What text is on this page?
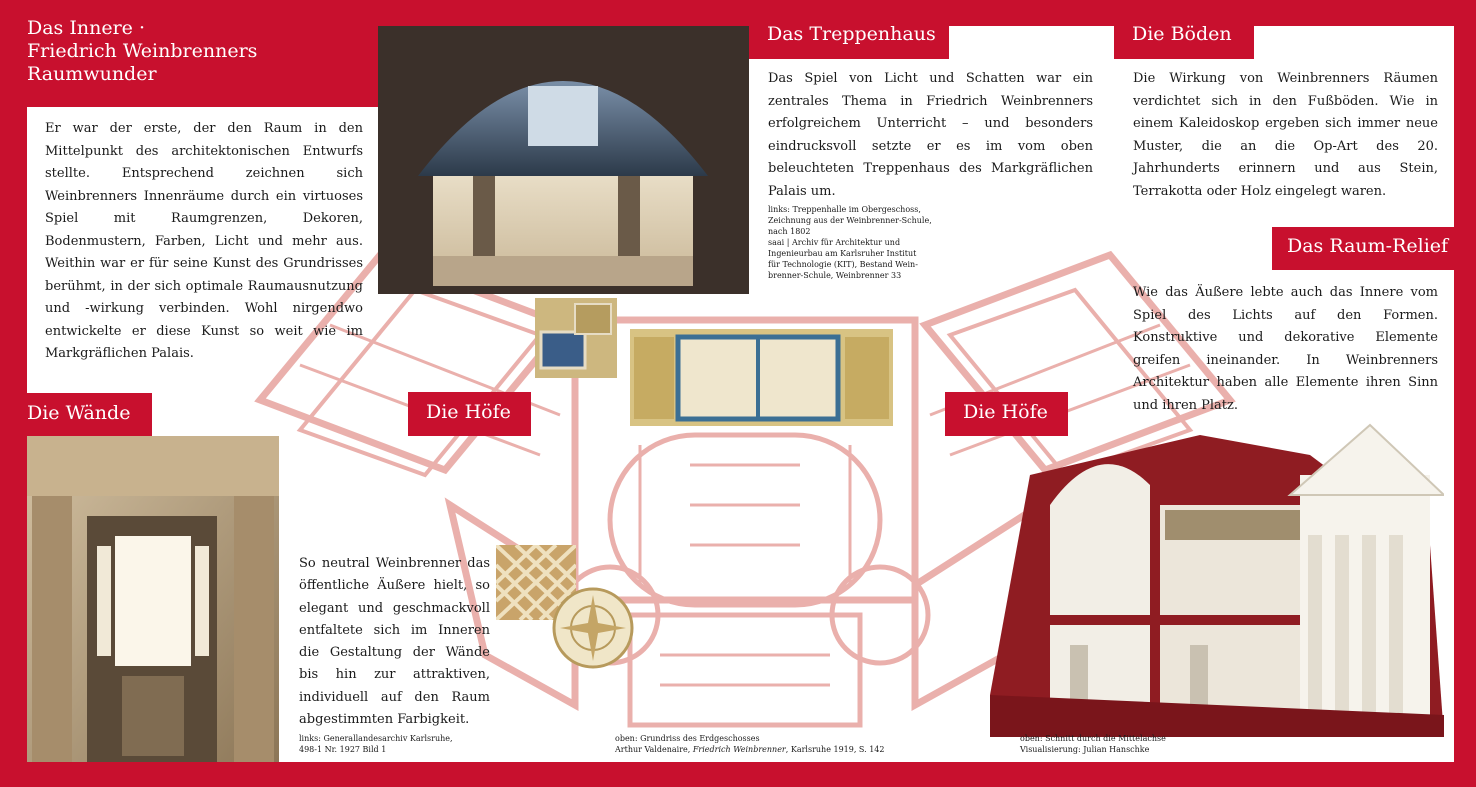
Das Innere ·
Friedrich Weinbrenners
Raumwunder
Er war der erste, der den Raum in den Mittelpunkt des architektonischen Entwurfs stellte. Entsprechend zeichnen sich Weinbrenners Innenräume durch ein virtuoses Spiel mit Raumgrenzen, Dekoren, Bodenmustern, Farben, Licht und mehr aus. Weithin war er für seine Kunst des Grundrisses berühmt, in der sich optimale Raumausnutzung und -wirkung verbinden. Wohl nirgendwo entwickelte er diese Kunst so weit wie im Markgräflichen Palais.
Das Treppenhaus
Das Spiel von Licht und Schatten war ein zentrales Thema in Friedrich Weinbrenners erfolgreichem Unterricht – und besonders eindrucksvoll setzte er es im vom oben beleuchteten Treppenhaus des Markgräflichen Palais um.
links: Treppenhalle im Obergeschoss,
Zeichnung aus der Weinbrenner-Schule,
nach 1802
saai | Archiv für Architektur und
Ingenieurbau am Karlsruher Institut
für Technologie (KIT), Bestand Wein-
brenner-Schule, Weinbrenner 33
Die Böden
Die Wirkung von Weinbrenners Räumen verdichtet sich in den Fußböden. Wie in einem Kaleidoskop ergeben sich immer neue Muster, die an die Op-Art des 20. Jahrhunderts erinnern und aus Stein, Terrakotta oder Holz eingelegt waren.
Das Raum-Relief
Wie das Äußere lebte auch das Innere vom Spiel des Lichts auf den Formen. Konstruktive und dekorative Elemente greifen ineinander. In Weinbrenners Architektur haben alle Elemente ihren Sinn und ihren Platz.
Die Höfe	Die Höfe
Die Wände
So neutral Weinbrenner das öffentliche Äußere hielt, so elegant und geschmackvoll entfaltete sich im Inneren die Gestaltung der Wände bis hin zur attraktiven, individuell auf den Raum abgestimmten Farbigkeit.
links: Generallandesarchiv Karlsruhe,
498-1 Nr. 1927 Bild 1
oben: Grundriss des Erdgeschosses
Arthur Valdenaire, Friedrich Weinbrenner, Karlsruhe 1919, S. 142
oben: Schnitt durch die Mittelachse
Visualisierung: Julian Hanschke
